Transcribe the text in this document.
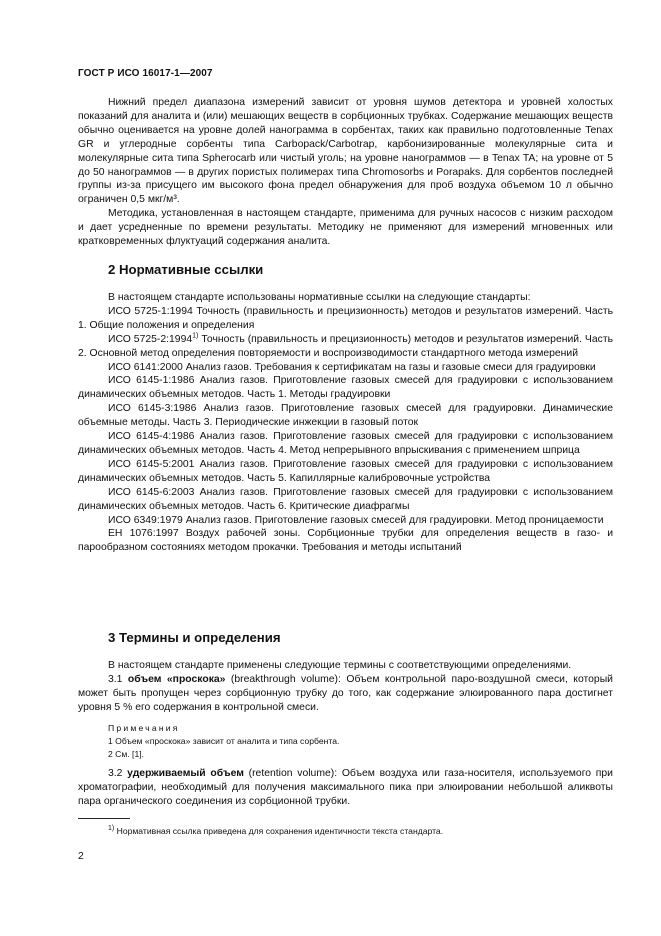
ГОСТ Р ИСО 16017-1—2007

Нижний предел диапазона измерений зависит от уровня шумов детектора и уровней холостых показаний для аналита и (или) мешающих веществ в сорбционных трубках. Содержание мешающих веществ обычно оценивается на уровне долей нанограмма в сорбентах, таких как правильно подготовленные Tenax GR и углеродные сорбенты типа Carbopack/Carbotrap, карбонизированные молекулярные сита и молекулярные сита типа Spherocarb или чистый уголь; на уровне нанограммов — в Tenax TA; на уровне от 5 до 50 нанограммов — в других пористых полимерах типа Chromosorbs и Porapaks. Для сорбентов последней группы из-за присущего им высокого фона предел обнаружения для проб воздуха объемом 10 л обычно ограничен 0,5 мкг/м³.

Методика, установленная в настоящем стандарте, применима для ручных насосов с низким расходом и дает усредненные по времени результаты. Методику не применяют для измерений мгновенных или кратковременных флуктуаций содержания аналита.

2 Нормативные ссылки

В настоящем стандарте использованы нормативные ссылки на следующие стандарты:

ИСО 5725-1:1994 Точность (правильность и прецизионность) методов и результатов измерений. Часть 1. Общие положения и определения

ИСО 5725-2:1994$^{1)}$ Точность (правильность и прецизионность) методов и результатов измерений. Часть 2. Основной метод определения повторяемости и воспроизводимости стандартного метода измерений

ИСО 6141:2000 Анализ газов. Требования к сертификатам на газы и газовые смеси для градуировки

ИСО 6145-1:1986 Анализ газов. Приготовление газовых смесей для градуировки с использованием динамических объемных методов. Часть 1. Методы градуировки

ИСО 6145-3:1986 Анализ газов. Приготовление газовых смесей для градуировки. Динамические объемные методы. Часть 3. Периодические инжекции в газовый поток

ИСО 6145-4:1986 Анализ газов. Приготовление газовых смесей для градуировки с использованием динамических объемных методов. Часть 4. Метод непрерывного впрыскивания с применением шприца

ИСО 6145-5:2001 Анализ газов. Приготовление газовых смесей для градуировки с использованием динамических объемных методов. Часть 5. Капиллярные калибровочные устройства

ИСО 6145-6:2003 Анализ газов. Приготовление газовых смесей для градуировки с использованием динамических объемных методов. Часть 6. Критические диафрагмы

ИСО 6349:1979 Анализ газов. Приготовление газовых смесей для градуировки. Метод проницаемости

ЕН 1076:1997 Воздух рабочей зоны. Сорбционные трубки для определения веществ в газо- и парообразном состояниях методом прокачки. Требования и методы испытаний

3 Термины и определения

В настоящем стандарте применены следующие термины с соответствующими определениями.

3.1 объем «проскока» (breakthrough volume): Объем контрольной паро-воздушной смеси, который может быть пропущен через сорбционную трубку до того, как содержание элюированного пара достигнет уровня 5 % его содержания в контрольной смеси.

Примечания
1 Объем «проскока» зависит от аналита и типа сорбента.
2 См. [1].

3.2 удерживаемый объем (retention volume): Объем воздуха или газа-носителя, используемого при хроматографии, необходимый для получения максимального пика при элюировании небольшой аликвоты пара органического соединения из сорбционной трубки.

$^{1)}$ Нормативная ссылка приведена для сохранения идентичности текста стандарта.
2
